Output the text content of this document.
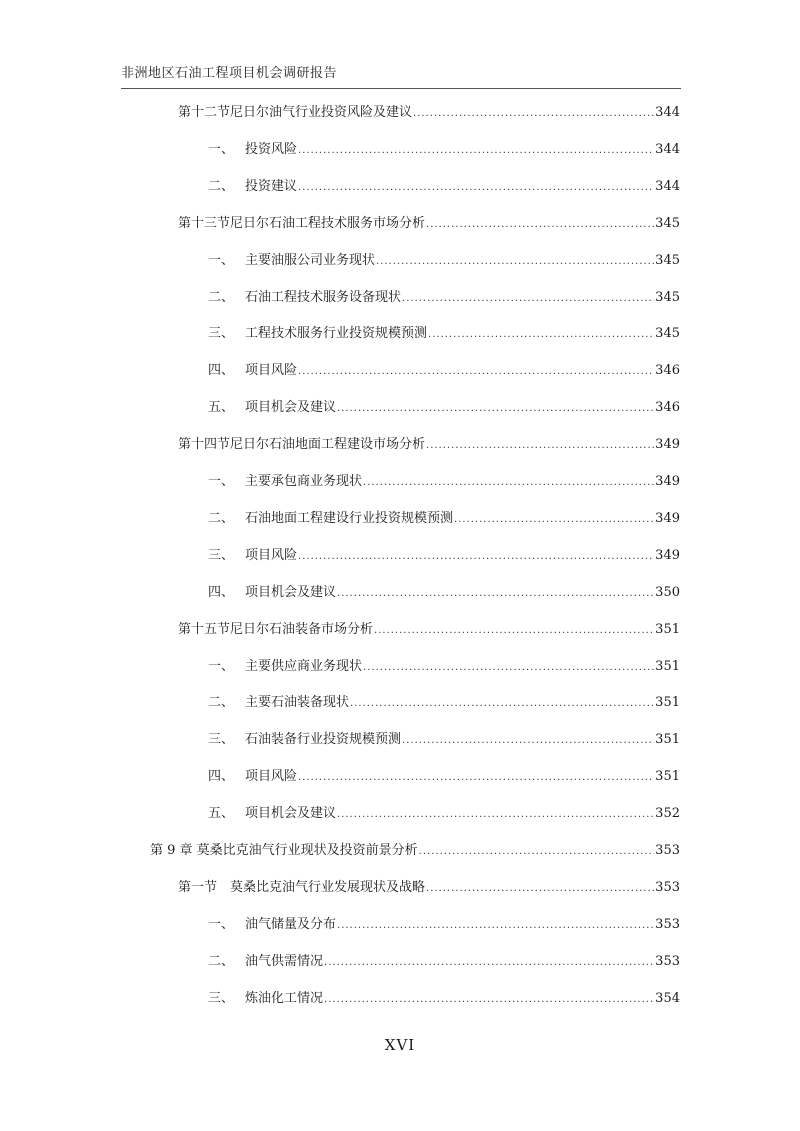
非洲地区石油工程项目机会调研报告
第十二节 尼日尔油气行业投资风险及建议 .....	344
一、 投资风险 .....	344
二、 投资建议 .....	344
第十三节 尼日尔石油工程技术服务市场分析 .....	345
一、 主要油服公司业务现状 .....	345
二、 石油工程技术服务设备现状 .....	345
三、 工程技术服务行业投资规模预测 .....	345
四、 项目风险 .....	346
五、 项目机会及建议 .....	346
第十四节 尼日尔石油地面工程建设市场分析 .....	349
一、 主要承包商业务现状 .....	349
二、 石油地面工程建设行业投资规模预测 .....	349
三、 项目风险 .....	349
四、 项目机会及建议 .....	350
第十五节 尼日尔石油装备市场分析 .....	351
一、 主要供应商业务现状 .....	351
二、 主要石油装备现状 .....	351
三、 石油装备行业投资规模预测 .....	351
四、 项目风险 .....	351
五、 项目机会及建议 .....	352
第 9 章 莫桑比克油气行业现状及投资前景分析 .....	353
第一节 莫桑比克油气行业发展现状及战略 .....	353
一、 油气储量及分布 .....	353
二、 油气供需情况 .....	353
三、 炼油化工情况 .....	354
XVI
